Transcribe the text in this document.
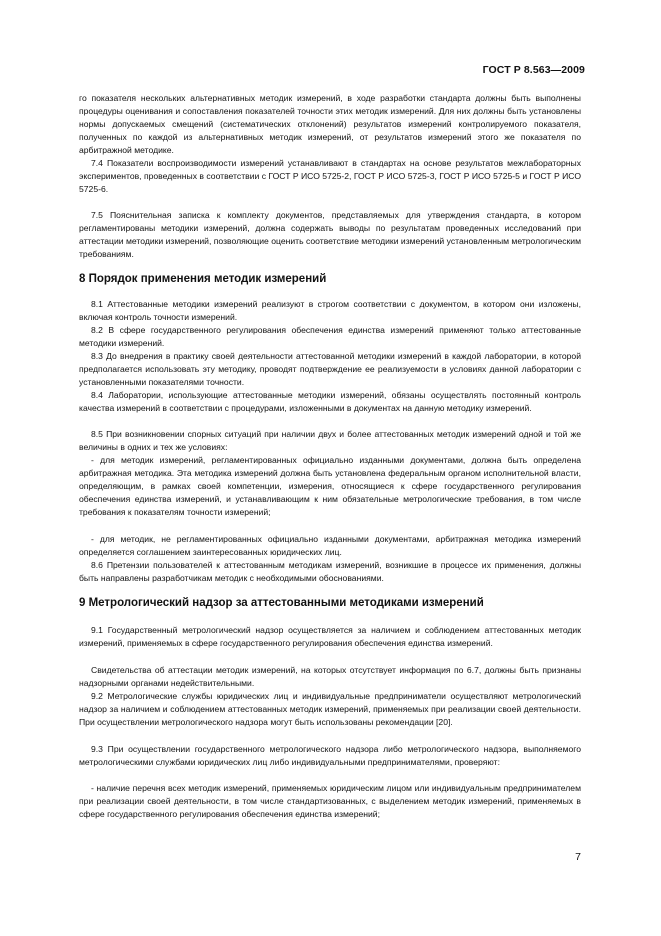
ГОСТ Р 8.563—2009

го показателя нескольких альтернативных методик измерений, в ходе разработки стандарта должны быть выполнены процедуры оценивания и сопоставления показателей точности этих методик измерений. Для них должны быть установлены нормы допускаемых смещений (систематических отклонений) результатов измерений контролируемого показателя, полученных по каждой из альтернативных методик измерений, от результатов измерений этого же показателя по арбитражной методике.

7.4 Показатели воспроизводимости измерений устанавливают в стандартах на основе результатов межлабораторных экспериментов, проведенных в соответствии с ГОСТ Р ИСО 5725-2, ГОСТ Р ИСО 5725-3, ГОСТ Р ИСО 5725-5 и ГОСТ Р ИСО 5725-6.

7.5 Пояснительная записка к комплекту документов, представляемых для утверждения стандарта, в котором регламентированы методики измерений, должна содержать выводы по результатам проведенных исследований при аттестации методики измерений, позволяющие оценить соответствие методики измерений установленным метрологическим требованиям.

8 Порядок применения методик измерений

8.1 Аттестованные методики измерений реализуют в строгом соответствии с документом, в котором они изложены, включая контроль точности измерений.

8.2 В сфере государственного регулирования обеспечения единства измерений применяют только аттестованные методики измерений.

8.3 До внедрения в практику своей деятельности аттестованной методики измерений в каждой лаборатории, в которой предполагается использовать эту методику, проводят подтверждение ее реализуемости в условиях данной лаборатории с установленными показателями точности.

8.4 Лаборатории, использующие аттестованные методики измерений, обязаны осуществлять постоянный контроль качества измерений в соответствии с процедурами, изложенными в документах на данную методику измерений.

8.5 При возникновении спорных ситуаций при наличии двух и более аттестованных методик измерений одной и той же величины в одних и тех же условиях:

- для методик измерений, регламентированных официально изданными документами, должна быть определена арбитражная методика. Эта методика измерений должна быть установлена федеральным органом исполнительной власти, определяющим, в рамках своей компетенции, измерения, относящиеся к сфере государственного регулирования обеспечения единства измерений, и устанавливающим к ним обязательные метрологические требования, в том числе требования к показателям точности измерений;

- для методик, не регламентированных официально изданными документами, арбитражная методика измерений определяется соглашением заинтересованных юридических лиц.

8.6 Претензии пользователей к аттестованным методикам измерений, возникшие в процессе их применения, должны быть направлены разработчикам методик с необходимыми обоснованиями.

9 Метрологический надзор за аттестованными методиками измерений

9.1 Государственный метрологический надзор осуществляется за наличием и соблюдением аттестованных методик измерений, применяемых в сфере государственного регулирования обеспечения единства измерений.

Свидетельства об аттестации методик измерений, на которых отсутствует информация по 6.7, должны быть признаны надзорными органами недействительными.

9.2 Метрологические службы юридических лиц и индивидуальные предприниматели осуществляют метрологический надзор за наличием и соблюдением аттестованных методик измерений, применяемых при реализации своей деятельности. При осуществлении метрологического надзора могут быть использованы рекомендации [20].

9.3 При осуществлении государственного метрологического надзора либо метрологического надзора, выполняемого метрологическими службами юридических лиц либо индивидуальными предпринимателями, проверяют:

- наличие перечня всех методик измерений, применяемых юридическим лицом или индивидуальным предпринимателем при реализации своей деятельности, в том числе стандартизованных, с выделением методик измерений, применяемых в сфере государственного регулирования обеспечения единства измерений;

7
